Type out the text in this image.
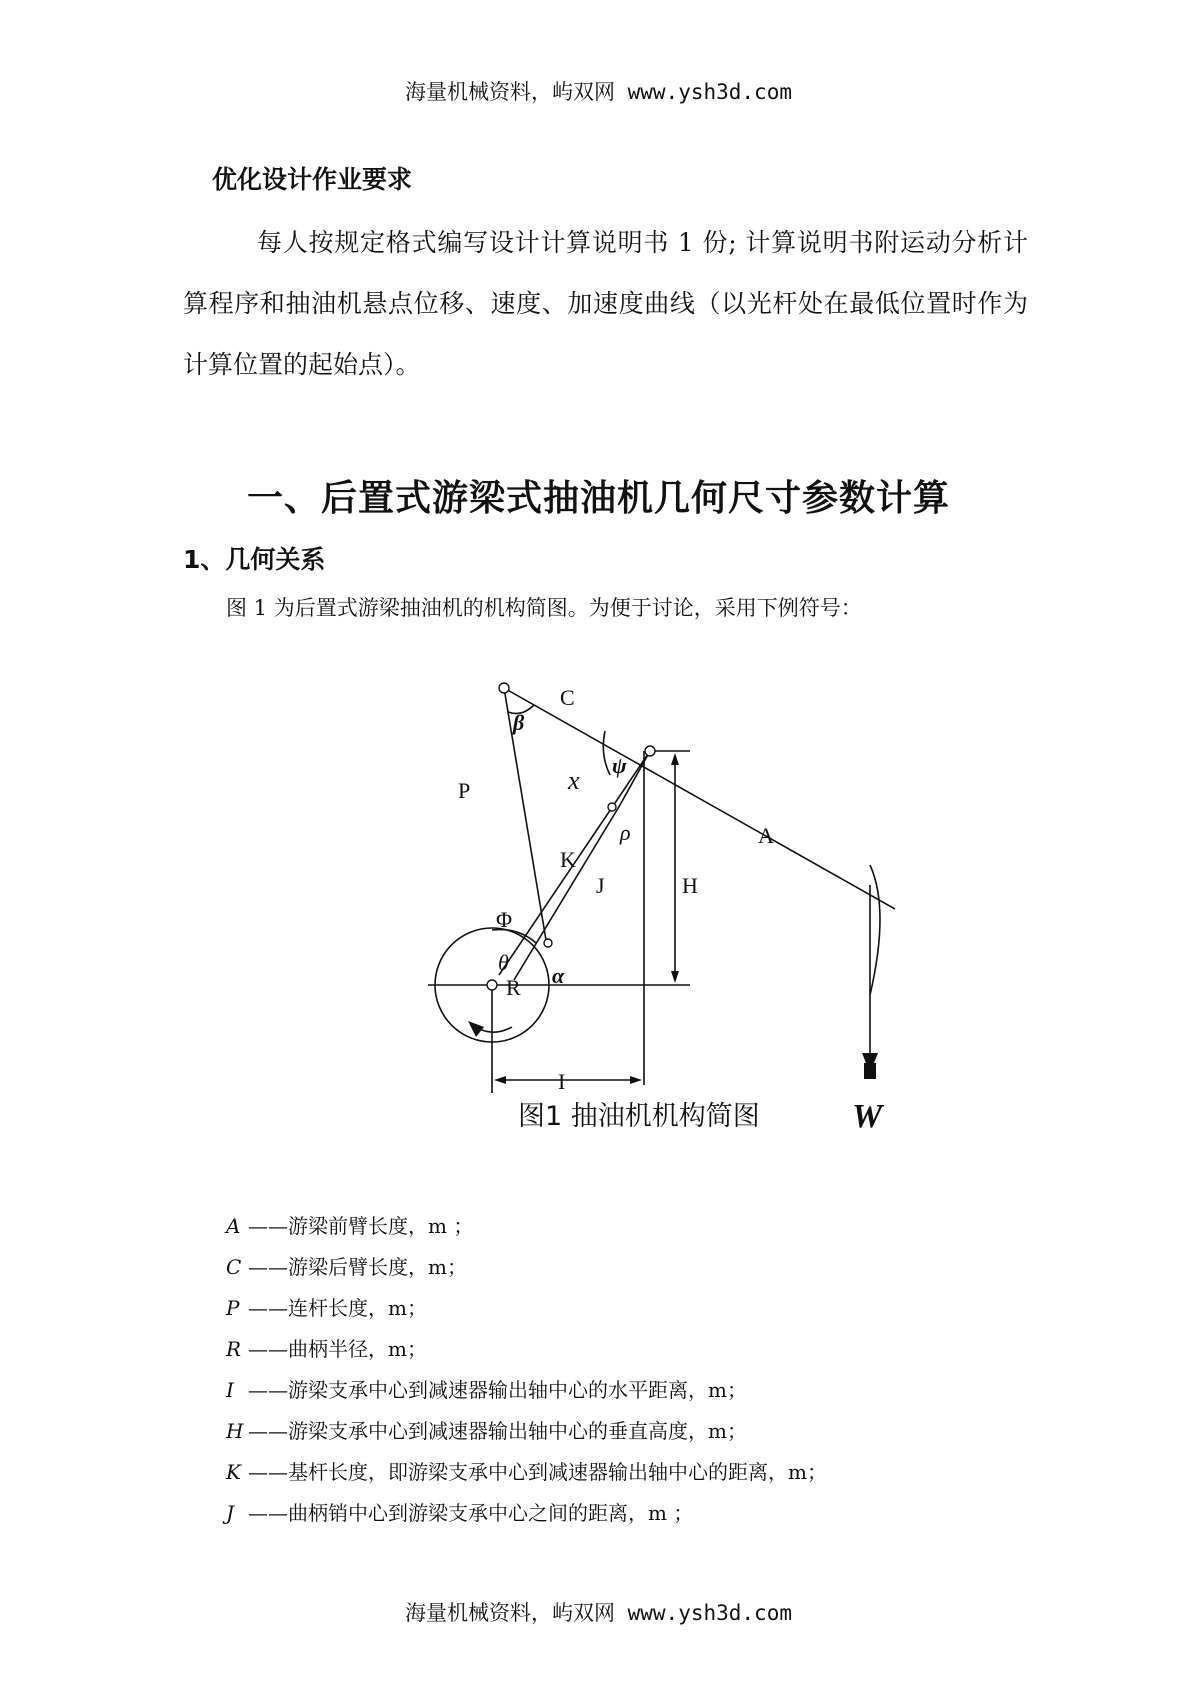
海量机械资料，屿双网 www.ysh3d.com
优化设计作业要求
每人按规定格式编写设计计算说明书 1 份; 计算说明书附运动分析计算程序和抽油机悬点位移、速度、加速度曲线（以光杆处在最低位置时作为计算位置的起始点）。
一、后置式游梁式抽油机几何尺寸参数计算
1、几何关系
图 1 为后置式游梁抽油机的机构简图。为便于讨论，采用下例符号：
C
β
P	x
ψ
A
ρ
K
J	H
Φ
θ
R α
I
W
图1 抽油机机构简图
A ——游梁前臂长度，m ；
C ——游梁后臂长度，m；
P ——连杆长度，m；
R ——曲柄半径，m；
I ——游梁支承中心到减速器输出轴中心的水平距离，m；
H ——游梁支承中心到减速器输出轴中心的垂直高度，m；
K ——基杆长度，即游梁支承中心到减速器输出轴中心的距离，m；
J ——曲柄销中心到游梁支承中心之间的距离，m ；
海量机械资料，屿双网 www.ysh3d.com
